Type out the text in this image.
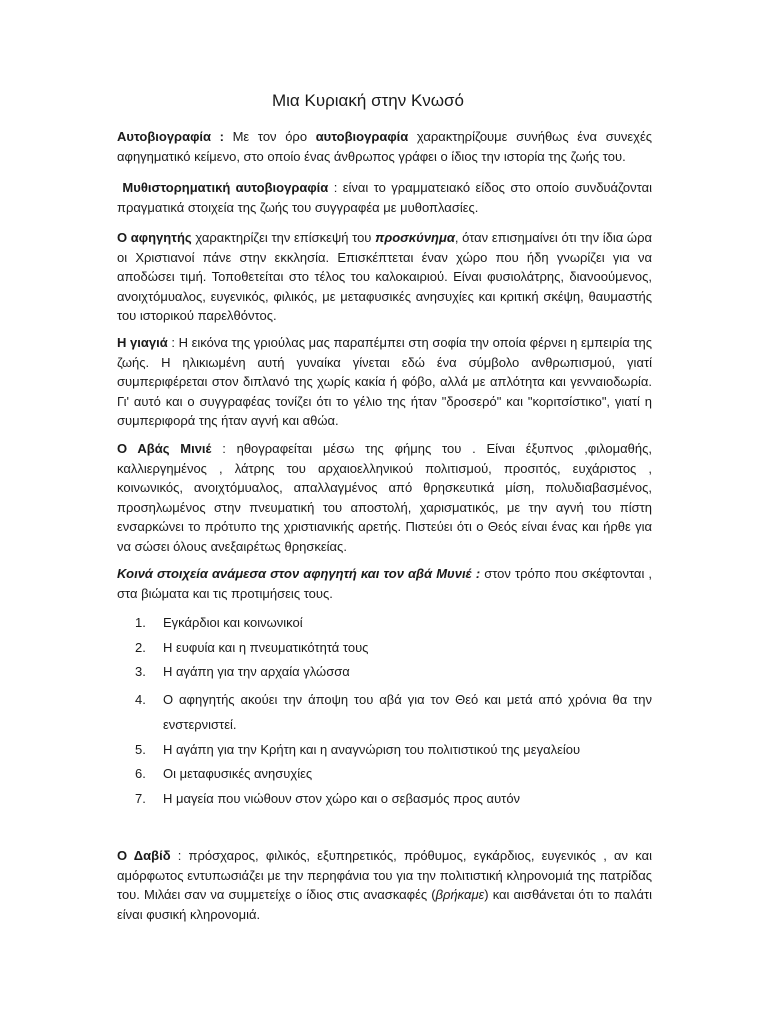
Μια Κυριακή στην Κνωσό
Αυτοβιογραφία : Με τον όρο αυτοβιογραφία χαρακτηρίζουμε συνήθως ένα συνεχές αφηγηματικό κείμενο, στο οποίο ένας άνθρωπος γράφει ο ίδιος την ιστορία της ζωής του.
Μυθιστορηματική αυτοβιογραφία : είναι το γραμματειακό είδος στο οποίο συνδυάζονται πραγματικά στοιχεία της ζωής του συγγραφέα με μυθοπλασίες.
Ο αφηγητής χαρακτηρίζει την επίσκεψή του προσκύνημα, όταν επισημαίνει ότι την ίδια ώρα οι Χριστιανοί πάνε στην εκκλησία. Επισκέπτεται έναν χώρο που ήδη γνωρίζει για να αποδώσει τιμή. Τοποθετείται στο τέλος του καλοκαιριού. Είναι φυσιολάτρης, διανοούμενος, ανοιχτόμυαλος, ευγενικός, φιλικός, με μεταφυσικές ανησυχίες και κριτική σκέψη, θαυμαστής του ιστορικού παρελθόντος.
Η γιαγιά : Η εικόνα της γριούλας μας παραπέμπει στη σοφία την οποία φέρνει η εμπειρία της ζωής. Η ηλικιωμένη αυτή γυναίκα γίνεται εδώ ένα σύμβολο ανθρωπισμού, γιατί συμπεριφέρεται στον διπλανό της χωρίς κακία ή φόβο, αλλά με απλότητα και γενναιοδωρία. Γι' αυτό και ο συγγραφέας τονίζει ότι το γέλιο της ήταν "δροσερό" και "κοριτσίστικο", γιατί η συμπεριφορά της ήταν αγνή και αθώα.
Ο Αβάς Μινιέ : ηθογραφείται μέσω της φήμης του . Είναι έξυπνος ,φιλομαθής, καλλιεργημένος , λάτρης του αρχαιοελληνικού πολιτισμού, προσιτός, ευχάριστος , κοινωνικός, ανοιχτόμυαλος, απαλλαγμένος από θρησκευτικά μίση, πολυδιαβασμένος, προσηλωμένος στην πνευματική του αποστολή, χαρισματικός, με την αγνή του πίστη ενσαρκώνει το πρότυπο της χριστιανικής αρετής. Πιστεύει ότι ο Θεός είναι ένας και ήρθε για να σώσει όλους ανεξαιρέτως θρησκείας.
Κοινά στοιχεία ανάμεσα στον αφηγητή και τον αβά Μυνιέ : στον τρόπο που σκέφτονται , στα βιώματα και τις προτιμήσεις τους.
1. Εγκάρδιοι και κοινωνικοί
2. Η ευφυία και η πνευματικότητά τους
3. Η αγάπη για την αρχαία γλώσσα
4. Ο αφηγητής ακούει την άποψη του αβά για τον Θεό και μετά από χρόνια θα την ενστερνιστεί.
5. Η αγάπη για την Κρήτη και η αναγνώριση του πολιτιστικού της μεγαλείου
6. Οι μεταφυσικές ανησυχίες
7. Η μαγεία που νιώθουν στον χώρο και ο σεβασμός προς αυτόν
Ο Δαβίδ : πρόσχαρος, φιλικός, εξυπηρετικός, πρόθυμος, εγκάρδιος, ευγενικός , αν και αμόρφωτος εντυπωσιάζει με την περηφάνια του για την πολιτιστική κληρονομιά της πατρίδας του. Μιλάει σαν να συμμετείχε ο ίδιος στις ανασκαφές (βρήκαμε) και αισθάνεται ότι το παλάτι είναι φυσική κληρονομιά.
